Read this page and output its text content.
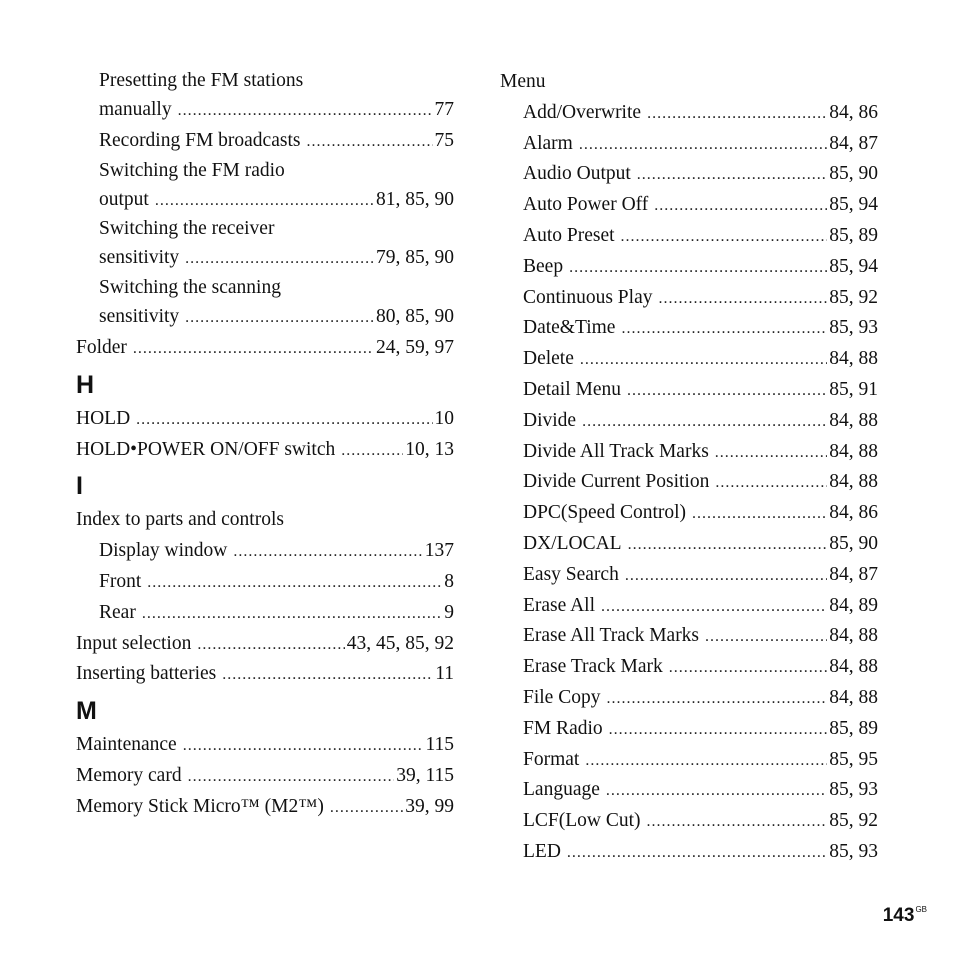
Presetting the FM stations
manually .....	77
Recording FM broadcasts .....	75
Switching the FM radio
output .....	81, 85, 90
Switching the receiver
sensitivity .....	79, 85, 90
Switching the scanning
sensitivity .....	80, 85, 90
Folder .....	24, 59, 97
H
HOLD .....	10
HOLD•POWER ON/OFF switch .....	10, 13
I
Index to parts and controls
Display window .....	137
Front .....	8
Rear .....	9
Input selection .....	43, 45, 85, 92
Inserting batteries .....	11
M
Maintenance .....	115
Memory card .....	39, 115
Memory Stick Micro™ (M2™) .....	39, 99
Menu
Add/Overwrite .....	84, 86
Alarm .....	84, 87
Audio Output .....	85, 90
Auto Power Off .....	85, 94
Auto Preset .....	85, 89
Beep .....	85, 94
Continuous Play .....	85, 92
Date&Time .....	85, 93
Delete .....	84, 88
Detail Menu .....	85, 91
Divide .....	84, 88
Divide All Track Marks .....	84, 88
Divide Current Position .....	84, 88
DPC(Speed Control) .....	84, 86
DX/LOCAL .....	85, 90
Easy Search .....	84, 87
Erase All .....	84, 89
Erase All Track Marks .....	84, 88
Erase Track Mark .....	84, 88
File Copy .....	84, 88
FM Radio .....	85, 89
Format .....	85, 95
Language .....	85, 93
LCF(Low Cut) .....	85, 92
LED .....	85, 93
$143^{GB}$
